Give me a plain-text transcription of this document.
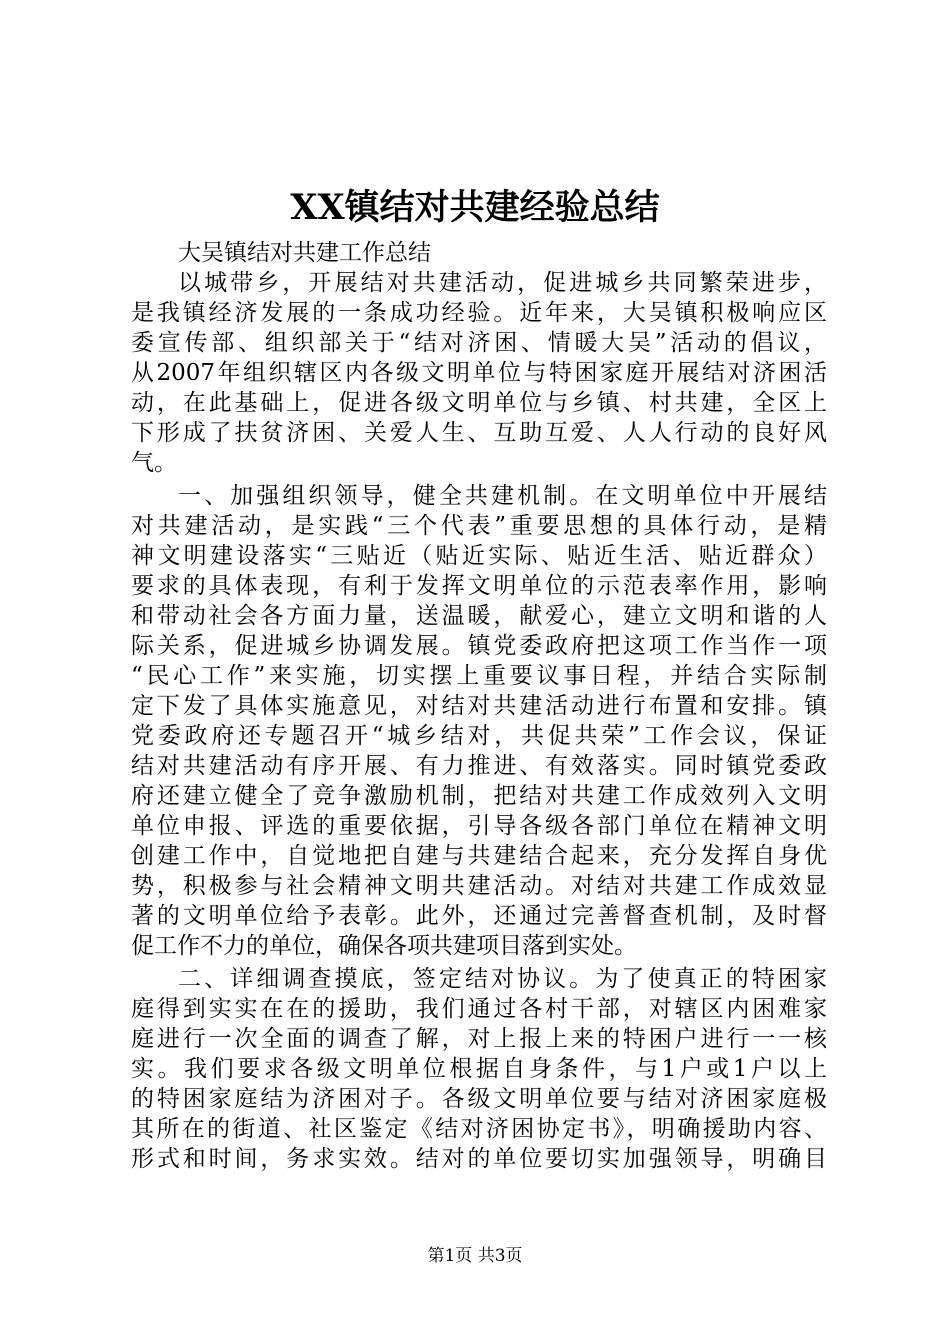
XX镇结对共建经验总结
大吴镇结对共建工作总结
以城带乡，开展结对共建活动，促进城乡共同繁荣进步，
是我镇经济发展的一条成功经验。近年来，大吴镇积极响应区
委宣传部、组织部关于“结对济困、情暖大吴”活动的倡议，
从2007年组织辖区内各级文明单位与特困家庭开展结对济困活
动，在此基础上，促进各级文明单位与乡镇、村共建，全区上
下形成了扶贫济困、关爱人生、互助互爱、人人行动的良好风
气。
一、加强组织领导，健全共建机制。在文明单位中开展结
对共建活动，是实践“三个代表”重要思想的具体行动，是精
神文明建设落实“三贴近（贴近实际、贴近生活、贴近群众）
要求的具体表现，有利于发挥文明单位的示范表率作用，影响
和带动社会各方面力量，送温暖，献爱心，建立文明和谐的人
际关系，促进城乡协调发展。镇党委政府把这项工作当作一项
“民心工作”来实施，切实摆上重要议事日程，并结合实际制
定下发了具体实施意见，对结对共建活动进行布置和安排。镇
党委政府还专题召开“城乡结对，共促共荣”工作会议，保证
结对共建活动有序开展、有力推进、有效落实。同时镇党委政
府还建立健全了竞争激励机制，把结对共建工作成效列入文明
单位申报、评选的重要依据，引导各级各部门单位在精神文明
创建工作中，自觉地把自建与共建结合起来，充分发挥自身优
势，积极参与社会精神文明共建活动。对结对共建工作成效显
著的文明单位给予表彰。此外，还通过完善督查机制，及时督
促工作不力的单位，确保各项共建项目落到实处。
二、详细调查摸底，签定结对协议。为了使真正的特困家
庭得到实实在在的援助，我们通过各村干部，对辖区内困难家
庭进行一次全面的调查了解，对上报上来的特困户进行一一核
实。我们要求各级文明单位根据自身条件，与1户或1户以上
的特困家庭结为济困对子。各级文明单位要与结对济困家庭极
其所在的街道、社区鉴定《结对济困协定书》，明确援助内容、
形式和时间，务求实效。结对的单位要切实加强领导，明确目
第1页 共3页
